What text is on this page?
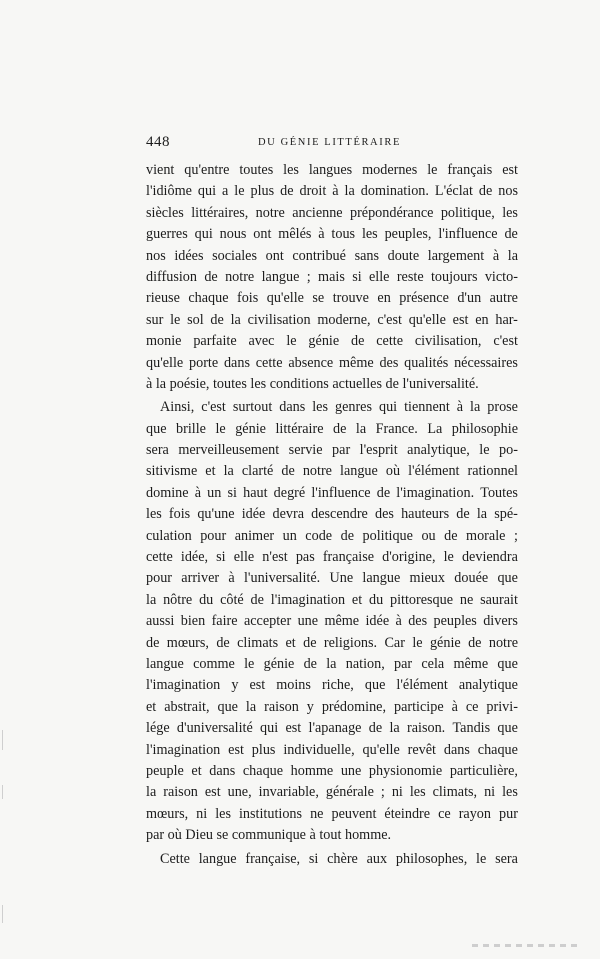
448	DU GÉNIE LITTÉRAIRE
vient qu'entre toutes les langues modernes le français est
l'idiôme qui a le plus de droit à la domination. L'éclat de nos
siècles littéraires, notre ancienne prépondérance politique, les
guerres qui nous ont mêlés à tous les peuples, l'influence de
nos idées sociales ont contribué sans doute largement à la
diffusion de notre langue ; mais si elle reste toujours victo-
rieuse chaque fois qu'elle se trouve en présence d'un autre
sur le sol de la civilisation moderne, c'est qu'elle est en har-
monie parfaite avec le génie de cette civilisation, c'est
qu'elle porte dans cette absence même des qualités nécessaires
à la poésie, toutes les conditions actuelles de l'universalité.
Ainsi, c'est surtout dans les genres qui tiennent à la prose
que brille le génie littéraire de la France. La philosophie
sera merveilleusement servie par l'esprit analytique, le po-
sitivisme et la clarté de notre langue où l'élément rationnel
domine à un si haut degré l'influence de l'imagination. Toutes
les fois qu'une idée devra descendre des hauteurs de la spé-
culation pour animer un code de politique ou de morale ;
cette idée, si elle n'est pas française d'origine, le deviendra
pour arriver à l'universalité. Une langue mieux douée que
la nôtre du côté de l'imagination et du pittoresque ne saurait
aussi bien faire accepter une même idée à des peuples divers
de mœurs, de climats et de religions. Car le génie de notre
langue comme le génie de la nation, par cela même que
l'imagination y est moins riche, que l'élément analytique
et abstrait, que la raison y prédomine, participe à ce privi-
lége d'universalité qui est l'apanage de la raison. Tandis que
l'imagination est plus individuelle, qu'elle revêt dans chaque
peuple et dans chaque homme une physionomie particulière,
la raison est une, invariable, générale ; ni les climats, ni les
mœurs, ni les institutions ne peuvent éteindre ce rayon pur
par où Dieu se communique à tout homme.
Cette langue française, si chère aux philosophes, le sera
